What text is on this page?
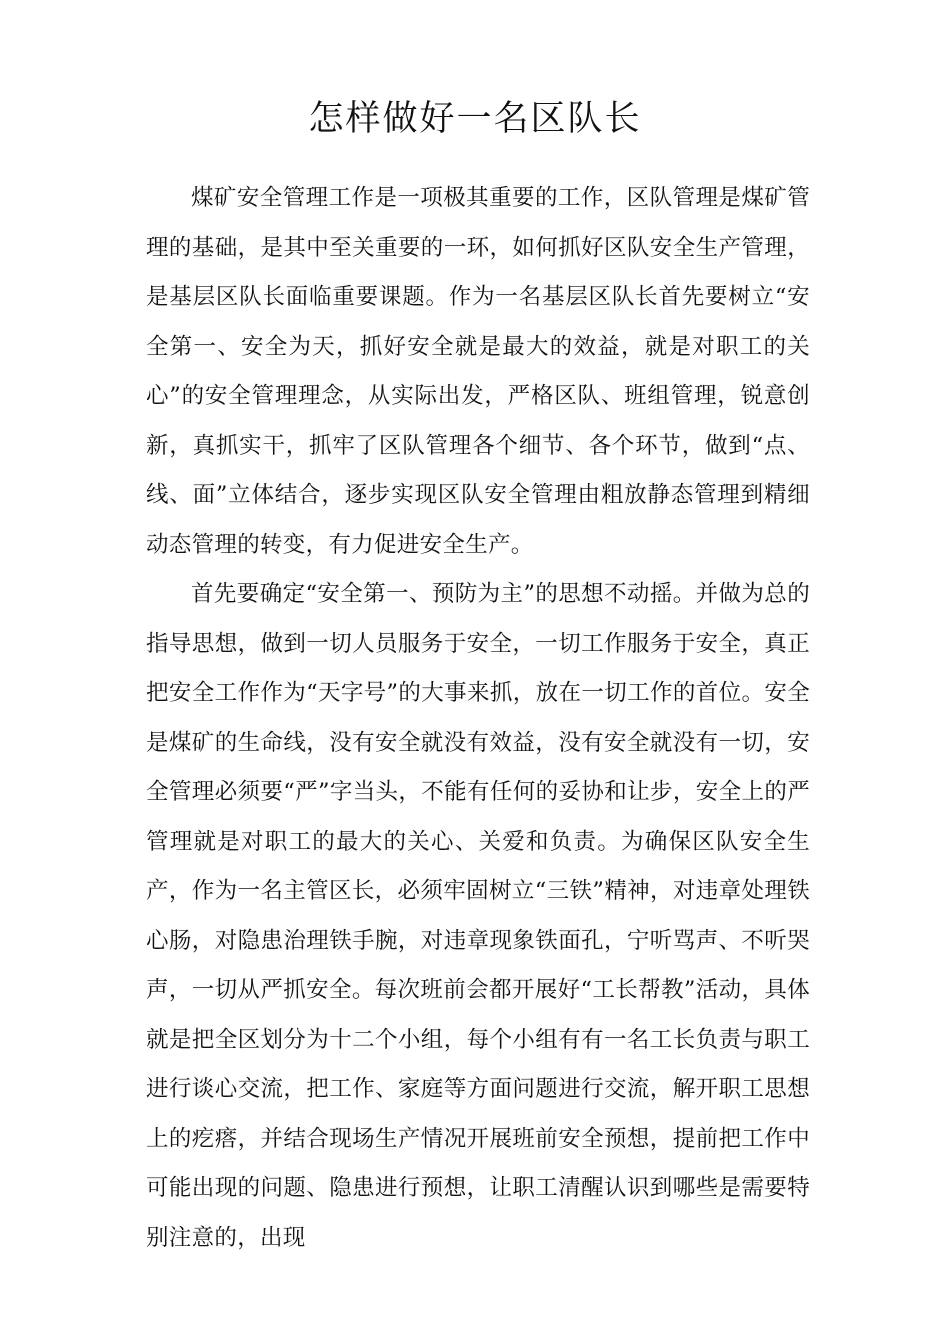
怎样做好一名区队长

煤矿安全管理工作是一项极其重要的工作，区队管理是煤矿管理的基础，是其中至关重要的一环，如何抓好区队安全生产管理，是基层区队长面临重要课题。作为一名基层区队长首先要树立“安全第一、安全为天，抓好安全就是最大的效益，就是对职工的关心”的安全管理理念，从实际出发，严格区队、班组管理，锐意创新，真抓实干，抓牢了区队管理各个细节、各个环节，做到“点、线、面”立体结合，逐步实现区队安全管理由粗放静态管理到精细动态管理的转变，有力促进安全生产。

首先要确定“安全第一、预防为主”的思想不动摇。并做为总的指导思想，做到一切人员服务于安全，一切工作服务于安全，真正把安全工作作为“天字号”的大事来抓，放在一切工作的首位。安全是煤矿的生命线，没有安全就没有效益，没有安全就没有一切，安全管理必须要“严”字当头，不能有任何的妥协和让步，安全上的严管理就是对职工的最大的关心、关爱和负责。为确保区队安全生产，作为一名主管区长，必须牢固树立“三铁”精神，对违章处理铁心肠，对隐患治理铁手腕，对违章现象铁面孔，宁听骂声、不听哭声，一切从严抓安全。每次班前会都开展好“工长帮教”活动，具体就是把全区划分为十二个小组，每个小组有有一名工长负责与职工进行谈心交流，把工作、家庭等方面问题进行交流，解开职工思想上的疙瘩，并结合现场生产情况开展班前安全预想，提前把工作中可能出现的问题、隐患进行预想，让职工清醒认识到哪些是需要特别注意的，出现
